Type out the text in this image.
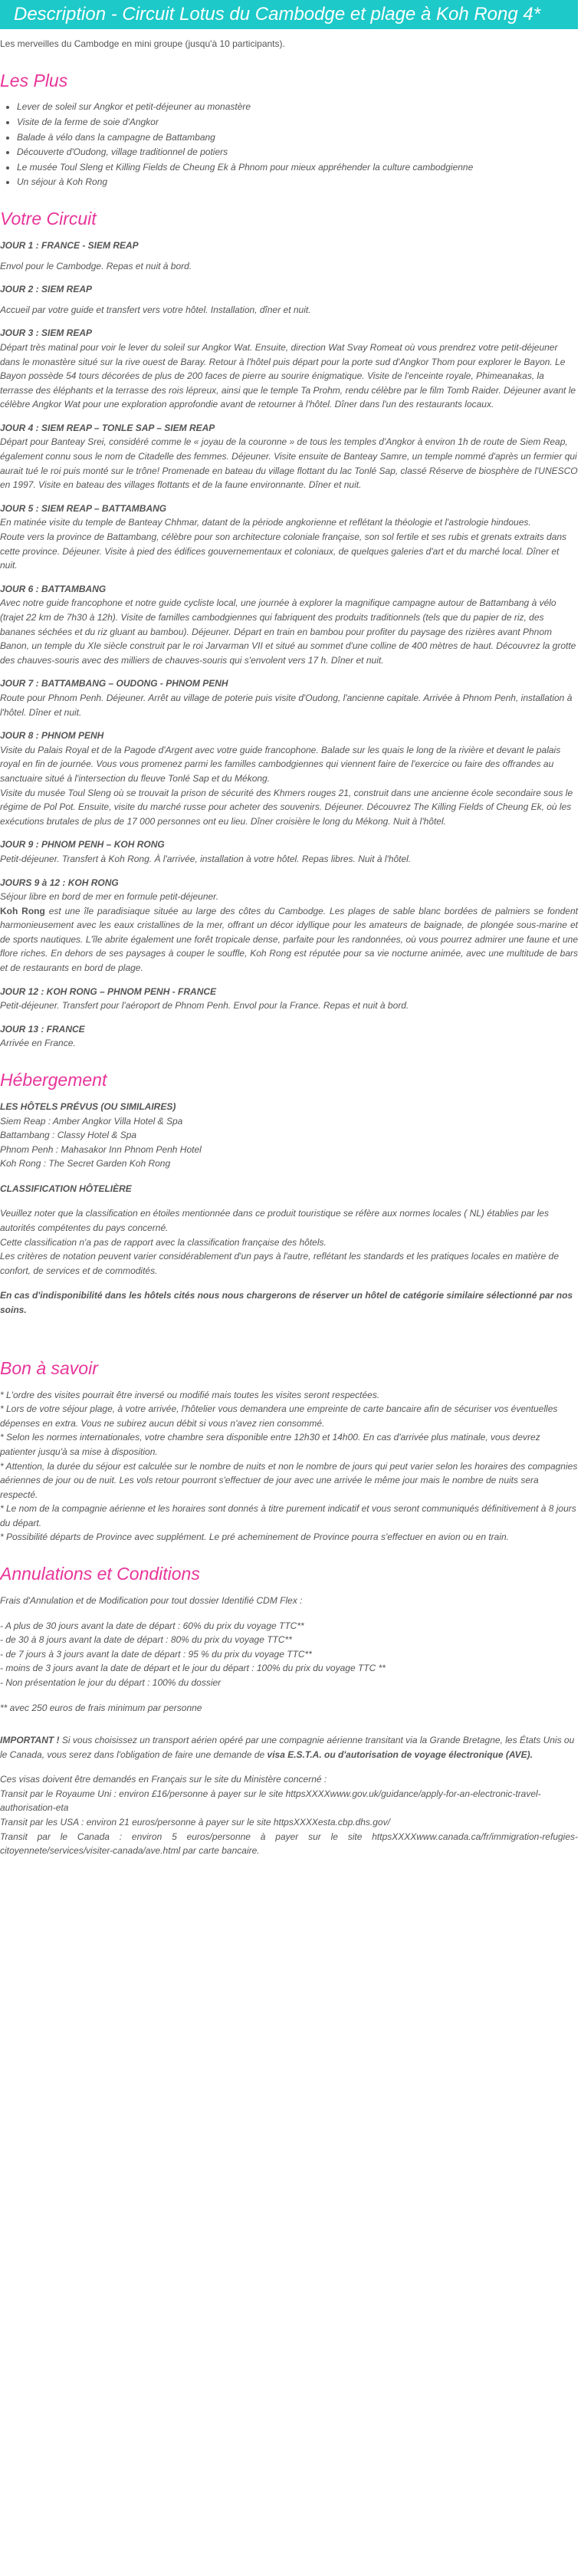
Description - Circuit Lotus du Cambodge et plage à Koh Rong 4*

Les merveilles du Cambodge en mini groupe (jusqu'à 10 participants).

Les Plus
• Lever de soleil sur Angkor et petit-déjeuner au monastère
• Visite de la ferme de soie d'Angkor
• Balade à vélo dans la campagne de Battambang
• Découverte d'Oudong, village traditionnel de potiers
• Le musée Toul Sleng et Killing Fields de Cheung Ek à Phnom pour mieux appréhender la culture cambodgienne
• Un séjour à Koh Rong
Votre Circuit

JOUR 1 : FRANCE - SIEM REAP

Envol pour le Cambodge. Repas et nuit à bord.

JOUR 2 : SIEM REAP

Accueil par votre guide et transfert vers votre hôtel. Installation, dîner et nuit.

JOUR 3 : SIEM REAP

Départ très matinal pour voir le lever du soleil sur Angkor Wat. Ensuite, direction Wat Svay Romeat où vous prendrez votre petit-déjeuner dans le monastère situé sur la rive ouest de Baray. Retour à l'hôtel puis départ pour la porte sud d'Angkor Thom pour explorer le Bayon. Le Bayon possède 54 tours décorées de plus de 200 faces de pierre au sourire énigmatique. Visite de l'enceinte royale, Phimeanakas, la terrasse des éléphants et la terrasse des rois lépreux, ainsi que le temple Ta Prohm, rendu célèbre par le film Tomb Raider. Déjeuner avant le célèbre Angkor Wat pour une exploration approfondie avant de retourner à l'hôtel. Dîner dans l'un des restaurants locaux.

JOUR 4 : SIEM REAP – TONLE SAP – SIEM REAP

Départ pour Banteay Srei, considéré comme le « joyau de la couronne » de tous les temples d'Angkor à environ 1h de route de Siem Reap, également connu sous le nom de Citadelle des femmes. Déjeuner. Visite ensuite de Banteay Samre, un temple nommé d'après un fermier qui aurait tué le roi puis monté sur le trône! Promenade en bateau du village flottant du lac Tonlé Sap, classé Réserve de biosphère de l'UNESCO en 1997. Visite en bateau des villages flottants et de la faune environnante. Dîner et nuit.

JOUR 5 : SIEM REAP – BATTAMBANG

En matinée visite du temple de Banteay Chhmar, datant de la période angkorienne et reflétant la théologie et l'astrologie hindoues.
Route vers la province de Battambang, célèbre pour son architecture coloniale française, son sol fertile et ses rubis et grenats extraits dans cette province. Déjeuner. Visite à pied des édifices gouvernementaux et coloniaux, de quelques galeries d'art et du marché local. Dîner et nuit.

JOUR 6 : BATTAMBANG

Avec notre guide francophone et notre guide cycliste local, une journée à explorer la magnifique campagne autour de Battambang à vélo (trajet 22 km de 7h30 à 12h). Visite de familles cambodgiennes qui fabriquent des produits traditionnels (tels que du papier de riz, des bananes séchées et du riz gluant au bambou). Déjeuner. Départ en train en bambou pour profiter du paysage des rizières avant Phnom Banon, un temple du XIe siècle construit par le roi Jarvarman VII et situé au sommet d'une colline de 400 mètres de haut. Découvrez la grotte des chauves-souris avec des milliers de chauves-souris qui s'envolent vers 17 h. Dîner et nuit.

JOUR 7 : BATTAMBANG – OUDONG - PHNOM PENH

Route pour Phnom Penh. Déjeuner. Arrêt au village de poterie puis visite d'Oudong, l'ancienne capitale. Arrivée à Phnom Penh, installation à l'hôtel. Dîner et nuit.

JOUR 8 : PHNOM PENH

Visite du Palais Royal et de la Pagode d'Argent avec votre guide francophone. Balade sur les quais le long de la rivière et devant le palais royal en fin de journée. Vous vous promenez parmi les familles cambodgiennes qui viennent faire de l'exercice ou faire des offrandes au sanctuaire situé à l'intersection du fleuve Tonlé Sap et du Mékong.
Visite du musée Toul Sleng où se trouvait la prison de sécurité des Khmers rouges 21, construit dans une ancienne école secondaire sous le régime de Pol Pot. Ensuite, visite du marché russe pour acheter des souvenirs. Déjeuner. Découvrez The Killing Fields of Cheung Ek, où les exécutions brutales de plus de 17 000 personnes ont eu lieu. Dîner croisière le long du Mékong. Nuit à l'hôtel.

JOUR 9 : PHNOM PENH – KOH RONG

Petit-déjeuner. Transfert à Koh Rong. À l'arrivée, installation à votre hôtel. Repas libres. Nuit à l'hôtel.

JOURS 9 à 12 : KOH RONG

Séjour libre en bord de mer en formule petit-déjeuner.

Koh Rong est une île paradisiaque située au large des côtes du Cambodge. Les plages de sable blanc bordées de palmiers se fondent harmonieusement avec les eaux cristallines de la mer, offrant un décor idyllique pour les amateurs de baignade, de plongée sous-marine et de sports nautiques. L'île abrite également une forêt tropicale dense, parfaite pour les randonnées, où vous pourrez admirer une faune et une flore riches. En dehors de ses paysages à couper le souffle, Koh Rong est réputée pour sa vie nocturne animée, avec une multitude de bars et de restaurants en bord de plage.

JOUR 12 : KOH RONG – PHNOM PENH - FRANCE

Petit-déjeuner. Transfert pour l'aéroport de Phnom Penh. Envol pour la France. Repas et nuit à bord.

JOUR 13 : FRANCE

Arrivée en France.

Hébergement

LES HÔTELS PRÉVUS (OU SIMILAIRES)

Siem Reap : Amber Angkor Villa Hotel & Spa

Battambang : Classy Hotel & Spa

Phnom Penh : Mahasakor Inn Phnom Penh Hotel

Koh Rong : The Secret Garden Koh Rong

CLASSIFICATION HÔTELIÈRE

Veuillez noter que la classification en étoiles mentionnée dans ce produit touristique se réfère aux normes locales ( NL) établies par les autorités compétentes du pays concerné.

Cette classification n'a pas de rapport avec la classification française des hôtels.

Les critères de notation peuvent varier considérablement d'un pays à l'autre, reflétant les standards et les pratiques locales en matière de confort, de services et de commodités.

En cas d'indisponibilité dans les hôtels cités nous nous chargerons de réserver un hôtel de catégorie similaire sélectionné par nos soins.

Bon à savoir

* L'ordre des visites pourrait être inversé ou modifié mais toutes les visites seront respectées.

* Lors de votre séjour plage, à votre arrivée, l'hôtelier vous demandera une empreinte de carte bancaire afin de sécuriser vos éventuelles dépenses en extra. Vous ne subirez aucun débit si vous n'avez rien consommé.

* Selon les normes internationales, votre chambre sera disponible entre 12h30 et 14h00. En cas d'arrivée plus matinale, vous devrez patienter jusqu'à sa mise à disposition.

* Attention, la durée du séjour est calculée sur le nombre de nuits et non le nombre de jours qui peut varier selon les horaires des compagnies aériennes de jour ou de nuit. Les vols retour pourront s'effectuer de jour avec une arrivée le même jour mais le nombre de nuits sera respecté.

* Le nom de la compagnie aérienne et les horaires sont donnés à titre purement indicatif et vous seront communiqués définitivement à 8 jours du départ.

* Possibilité départs de Province avec supplément. Le pré acheminement de Province pourra s'effectuer en avion ou en train.

Annulations et Conditions

Frais d'Annulation et de Modification pour tout dossier Identifié CDM Flex :

- A plus de 30 jours avant la date de départ : 60% du prix du voyage TTC**

- de 30 à 8 jours avant la date de départ : 80% du prix du voyage TTC**

- de 7 jours à 3 jours avant la date de départ : 95 % du prix du voyage TTC**

- moins de 3 jours avant la date de départ et le jour du départ : 100% du prix du voyage TTC **

- Non présentation le jour du départ : 100% du dossier

** avec 250 euros de frais minimum par personne

IMPORTANT ! Si vous choisissez un transport aérien opéré par une compagnie aérienne transitant via la Grande Bretagne, les États Unis ou le Canada, vous serez dans l'obligation de faire une demande de visa E.S.T.A. ou d'autorisation de voyage électronique (AVE).

Ces visas doivent être demandés en Français sur le site du Ministère concerné :

Transit par le Royaume Uni : environ £16/personne à payer sur le site httpsXXXXwww.gov.uk/guidance/apply-for-an-electronic-travel-authorisation-eta

Transit par les USA : environ 21 euros/personne à payer sur le site httpsXXXXesta.cbp.dhs.gov/

Transit par le Canada : environ 5 euros/personne à payer sur le site httpsXXXXwww.canada.ca/fr/immigration-refugies-citoyennete/services/visiter-canada/ave.html par carte bancaire.
